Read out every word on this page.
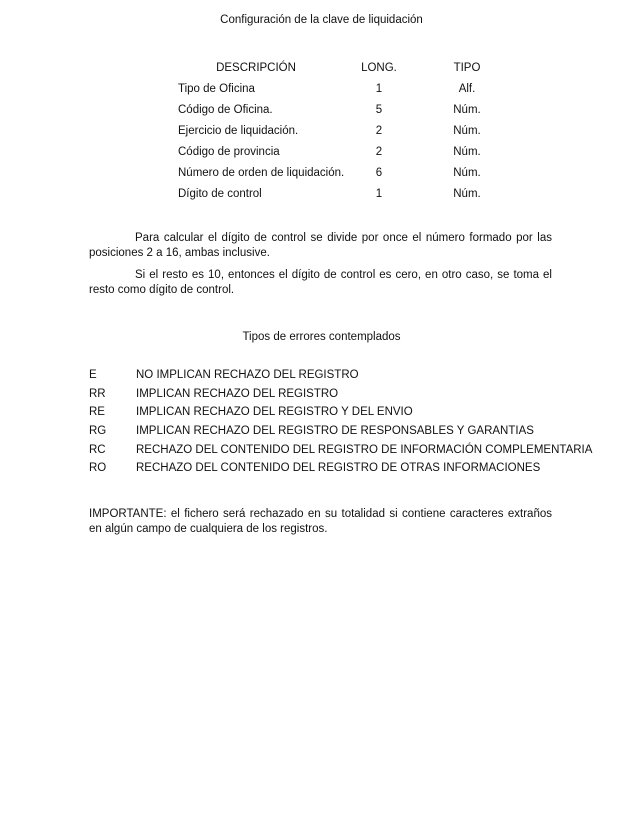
Configuración de la clave de liquidación
DESCRIPCIÓN	LONG.	TIPO
Tipo de Oficina	1	Alf.
Código de Oficina.	5	Núm.
Ejercicio de liquidación.	2	Núm.
Código de provincia	2	Núm.
Número de orden de liquidación.	6	Núm.
Dígito de control	1	Núm.
Para calcular el dígito de control se divide por once el número formado por las posiciones 2 a 16, ambas inclusive.
Si el resto es 10, entonces el dígito de control es cero, en otro caso, se toma el resto como dígito de control.
Tipos de errores contemplados
E	NO IMPLICAN RECHAZO DEL REGISTRO
RR	IMPLICAN RECHAZO DEL REGISTRO
RE	IMPLICAN RECHAZO DEL REGISTRO Y DEL ENVIO
RG	IMPLICAN RECHAZO DEL REGISTRO DE RESPONSABLES Y GARANTIAS
RC	RECHAZO DEL CONTENIDO DEL REGISTRO DE INFORMACIÓN COMPLEMENTARIA
RO	RECHAZO DEL CONTENIDO DEL REGISTRO DE OTRAS INFORMACIONES
IMPORTANTE: el fichero será rechazado en su totalidad si contiene caracteres extraños en algún campo de cualquiera de los registros.
